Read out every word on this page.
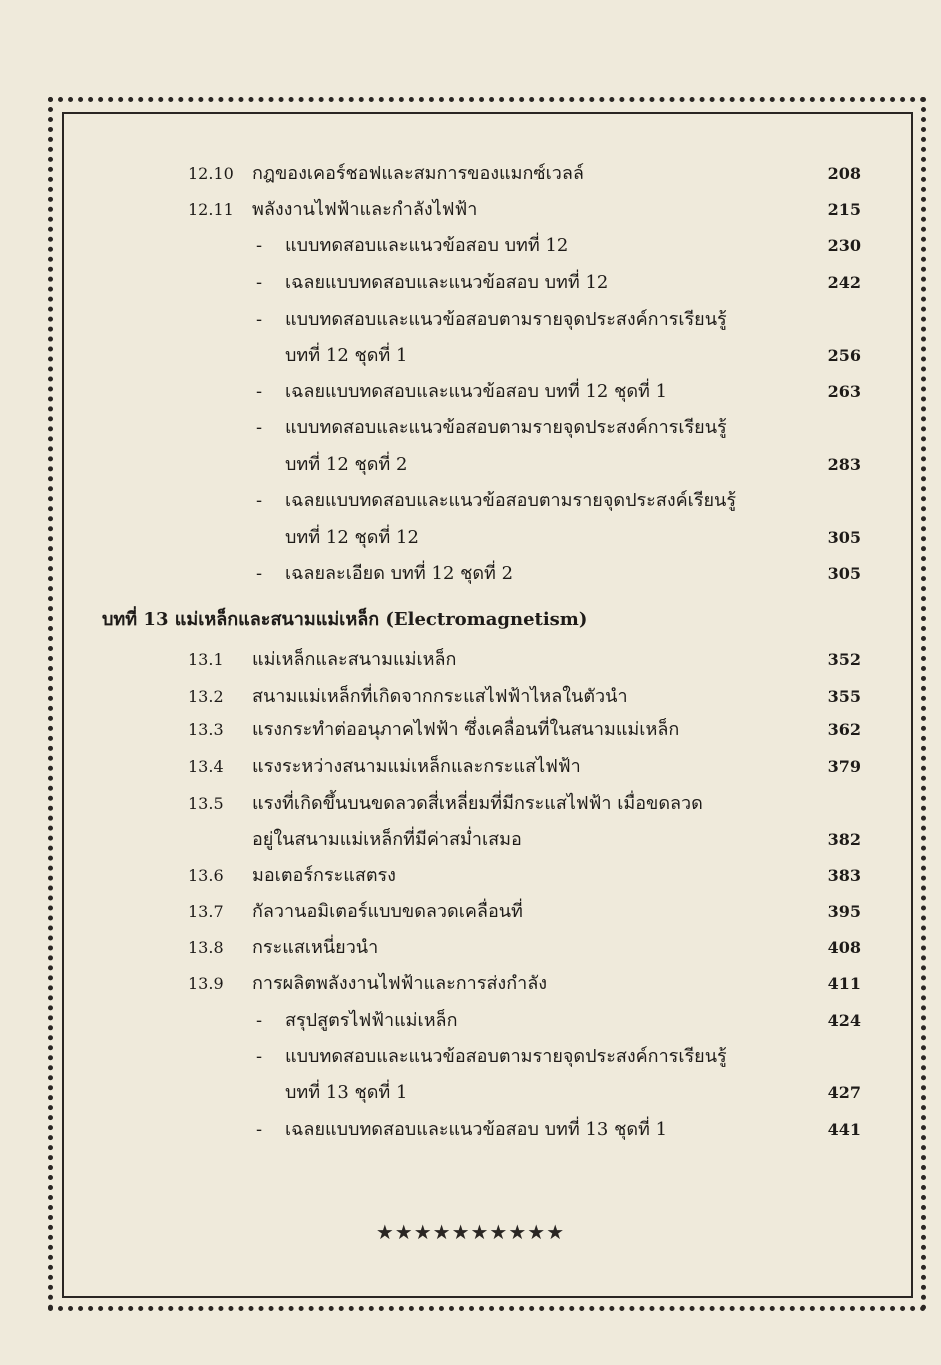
12.10 กฎของเคอร์ชอฟและสมการของแมกซ์เวลล์	208
12.11 พลังงานไฟฟ้าและกำลังไฟฟ้า	215
- แบบทดสอบและแนวข้อสอบ บทที่ 12	230
- เฉลยแบบทดสอบและแนวข้อสอบ บทที่ 12	242
- แบบทดสอบและแนวข้อสอบตามรายจุดประสงค์การเรียนรู้
บทที่ 12 ชุดที่ 1	256
- เฉลยแบบทดสอบและแนวข้อสอบ บทที่ 12 ชุดที่ 1	263
- แบบทดสอบและแนวข้อสอบตามรายจุดประสงค์การเรียนรู้
บทที่ 12 ชุดที่ 2	283
- เฉลยแบบทดสอบและแนวข้อสอบตามรายจุดประสงค์เรียนรู้
บทที่ 12 ชุดที่ 12	305
- เฉลยละเอียด บทที่ 12 ชุดที่ 2	305
บทที่ 13 แม่เหล็กและสนามแม่เหล็ก (Electromagnetism)
13.1 แม่เหล็กและสนามแม่เหล็ก	352
13.2 สนามแม่เหล็กที่เกิดจากกระแสไฟฟ้าไหลในตัวนำ	355
13.3 แรงกระทำต่ออนุภาคไฟฟ้า ซึ่งเคลื่อนที่ในสนามแม่เหล็ก	362
13.4 แรงระหว่างสนามแม่เหล็กและกระแสไฟฟ้า	379
13.5 แรงที่เกิดขึ้นบนขดลวดสี่เหลี่ยมที่มีกระแสไฟฟ้า เมื่อขดลวด
อยู่ในสนามแม่เหล็กที่มีค่าสม่ำเสมอ	382
13.6 มอเตอร์กระแสตรง	383
13.7 กัลวานอมิเตอร์แบบขดลวดเคลื่อนที่	395
13.8 กระแสเหนี่ยวนำ	408
13.9 การผลิตพลังงานไฟฟ้าและการส่งกำลัง	411
- สรุปสูตรไฟฟ้าแม่เหล็ก	424
- แบบทดสอบและแนวข้อสอบตามรายจุดประสงค์การเรียนรู้
บทที่ 13 ชุดที่ 1	427
- เฉลยแบบทดสอบและแนวข้อสอบ บทที่ 13 ชุดที่ 1	441
★★★★★★★★★★
